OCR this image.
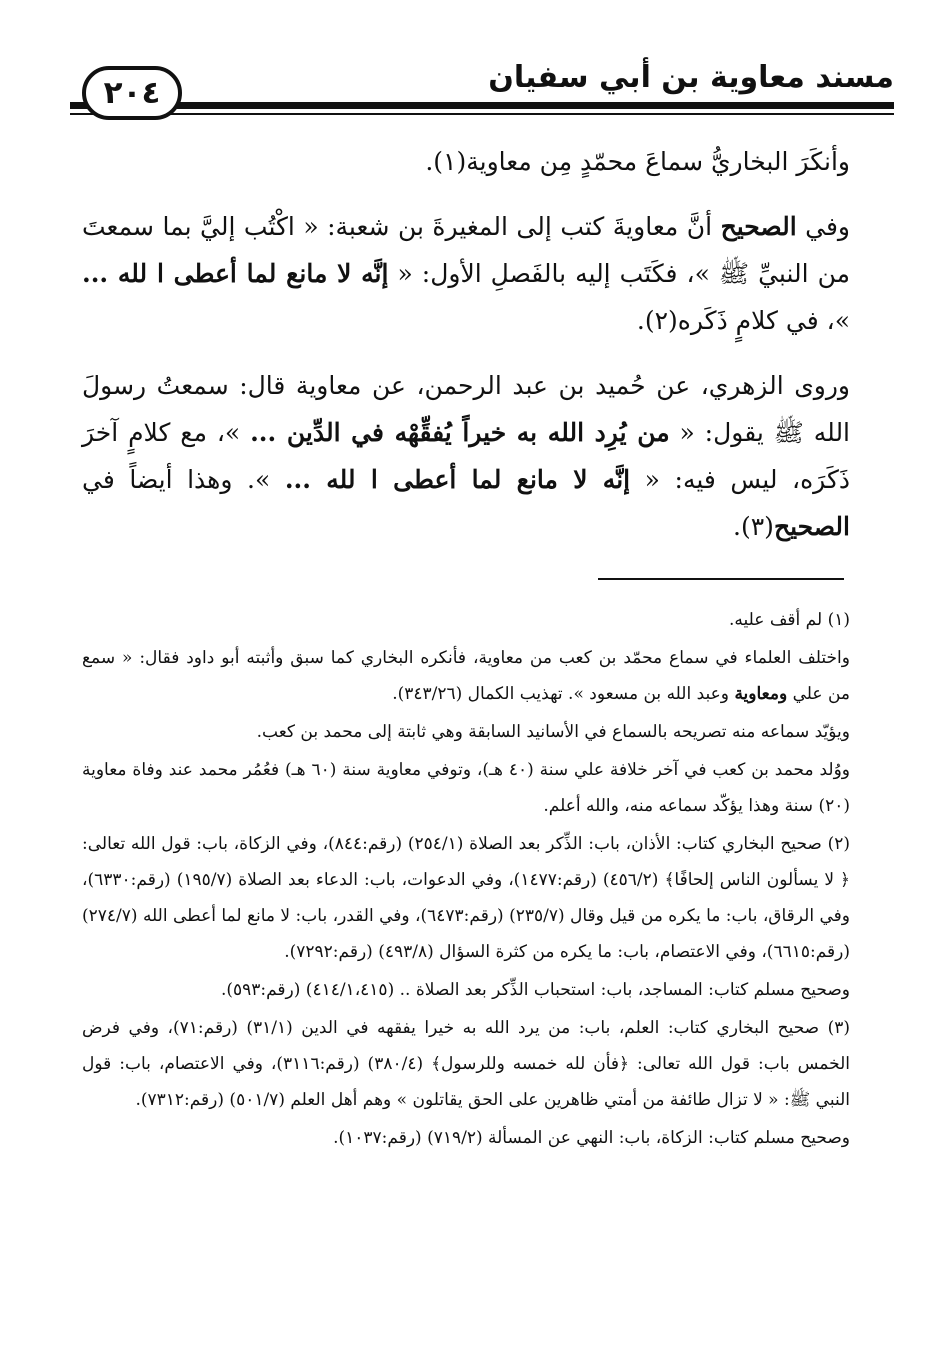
مسند معاوية بن أبي سفيان
٢٠٤

وأنكَرَ البخاريُّ سماعَ محمّدٍ مِن معاوية(١).

وفي الصحيح أنَّ معاويةَ كتب إلى المغيرةَ بن شعبة: « اكْتُب إليَّ بما سمعتَ من النبيِّ ﷺ »، فكَتَب إليه بالفَصلِ الأول: « إنَّه لا مانع لما أعطى ا لله ... »، في كلامٍ ذَكَره(٢).

وروى الزهري، عن حُميد بن عبد الرحمن، عن معاوية قال: سمعتُ رسولَ الله ﷺ يقول: « من يُرِد الله به خيراً يُفقِّهْه في الدِّين ... »، مع كلامٍ آخرَ ذَكَرَه، ليس فيه: « إنَّه لا مانع لما أعطى ا لله ... ». وهذا أيضاً في الصحيح(٣).

(١) لم أقف عليه.

واختلف العلماء في سماع محمّد بن كعب من معاوية، فأنكره البخاري كما سبق وأثبته أبو داود فقال: « سمع من علي ومعاوية وعبد الله بن مسعود ». تهذيب الكمال (٣٤٣/٢٦).

ويؤيّد سماعه منه تصريحه بالسماع في الأسانيد السابقة وهي ثابتة إلى محمد بن كعب.

ووُلد محمد بن كعب في آخر خلافة علي سنة (٤٠ هـ)، وتوفي معاوية سنة (٦٠ هـ) فعُمُر محمد عند وفاة معاوية (٢٠) سنة وهذا يؤكّد سماعه منه، والله أعلم.

(٢) صحيح البخاري كتاب: الأذان، باب: الذِّكر بعد الصلاة (٢٥٤/١) (رقم:٨٤٤)، وفي الزكاة، باب: قول الله تعالى: ﴿ لا يسألون الناس إلحافًا﴾ (٤٥٦/٢) (رقم:١٤٧٧)، وفي الدعوات، باب: الدعاء بعد الصلاة (١٩٥/٧) (رقم:٦٣٣٠)، وفي الرقاق، باب: ما يكره من قيل وقال (٢٣٥/٧) (رقم:٦٤٧٣)، وفي القدر، باب: لا مانع لما أعطى الله (٢٧٤/٧) (رقم:٦٦١٥)، وفي الاعتصام، باب: ما يكره من كثرة السؤال (٤٩٣/٨) (رقم:٧٢٩٢).

وصحيح مسلم كتاب: المساجد، باب: استحباب الذِّكر بعد الصلاة .. (٤١٤/١،٤١٥) (رقم:٥٩٣).

(٣) صحيح البخاري كتاب: العلم، باب: من يرد الله به خيرا يفقهه في الدين (٣١/١) (رقم:٧١)، وفي فرض الخمس باب: قول الله تعالى: ﴿فأن لله خمسه وللرسول﴾ (٣٨٠/٤) (رقم:٣١١٦)، وفي الاعتصام، باب: قول النبي ﷺ: « لا تزال طائفة من أمتي ظاهرين على الحق يقاتلون » وهم أهل العلم (٥٠١/٧) (رقم:٧٣١٢).

وصحيح مسلم كتاب: الزكاة، باب: النهي عن المسألة (٧١٩/٢) (رقم:١٠٣٧).
